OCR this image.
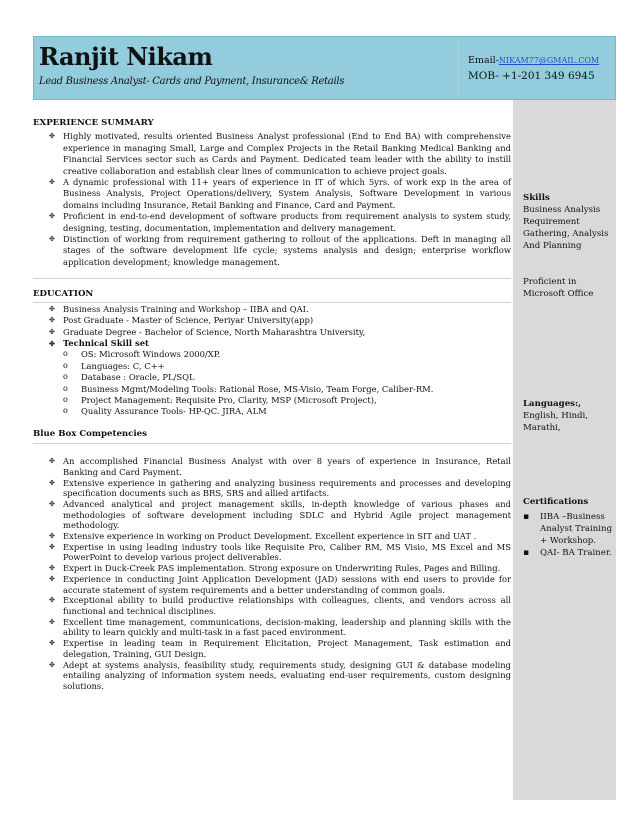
Ranjit Nikam
Lead Business Analyst- Cards and Payment, Insurance& Retails
Email-NIKAM77@GMAIL.COM
MOB- +1-201 349 6945
Skills
Business Analysis Requirement Gathering, Analysis And Planning
Proficient in Microsoft Office
Languages:,
English, Hindi, Marathi,
Certifications
▪ IIBA –Business Analyst Training + Workshop.
▪ QAI- BA Trainer.
EXPERIENCE SUMMARY
✤ Highly motivated, results oriented Business Analyst professional (End to End BA) with comprehensive experience in managing Small, Large and Complex Projects in the Retail Banking Medical Banking and Financial Services sector such as Cards and Payment. Dedicated team leader with the ability to instill creative collaboration and establish clear lines of communication to achieve project goals.
✤ A dynamic professional with 11+ years of experience in IT of which 5yrs. of work exp in the area of Business Analysis, Project Operations/delivery, System Analysis, Software Development in various domains including Insurance, Retail Banking and Finance, Card and Payment.
✤ Proficient in end-to-end development of software products from requirement analysis to system study, designing, testing, documentation, implementation and delivery management.
✤ Distinction of working from requirement gathering to rollout of the applications. Deft in managing all stages of the software development life cycle; systems analysis and design; enterprise workflow application development; knowledge management.
EDUCATION
✤ Business Analysis Training and Workshop – IIBA and QAI.
✤ Post Graduate - Master of Science, Periyar University(app)
✤ Graduate Degree - Bachelor of Science, North Maharashtra University,
✤ Technical Skill set
o OS: Microsoft Windows 2000/XP.
o Languages: C, C++
o Database : Oracle, PL/SQL
o Business Mgmt/Modeling Tools: Rational Rose, MS-Visio, Team Forge, Caliber-RM.
o Project Management: Requisite Pro, Clarity, MSP (Microsoft Project),
o Quality Assurance Tools- HP-QC. JIRA, ALM
Blue Box Competencies
✤ An accomplished Financial Business Analyst with over 8 years of experience in Insurance, Retail Banking and Card Payment.
✤ Extensive experience in gathering and analyzing business requirements and processes and developing specification documents such as BRS, SRS and allied artifacts.
✤ Advanced analytical and project management skills, in-depth knowledge of various phases and methodologies of software development including SDLC and Hybrid Agile project management methodology.
✤ Extensive experience in working on Product Development. Excellent experience in SIT and UAT .
✤ Expertise in using leading industry tools like Requisite Pro, Caliber RM, MS Visio, MS Excel and MS PowerPoint to develop various project deliverables.
✤ Expert in Duck-Creek PAS implementation. Strong exposure on Underwriting Rules, Pages and Billing.
✤ Experience in conducting Joint Application Development (JAD) sessions with end users to provide for accurate statement of system requirements and a better understanding of common goals.
✤ Exceptional ability to build productive relationships with colleagues, clients, and vendors across all functional and technical disciplines.
✤ Excellent time management, communications, decision-making, leadership and planning skills with the ability to learn quickly and multi-task in a fast paced environment.
✤ Expertise in leading team in Requirement Elicitation, Project Management, Task estimation and delegation, Training, GUI Design.
✤ Adept at systems analysis, feasibility study, requirements study, designing GUI & database modeling entailing analyzing of information system needs, evaluating end-user requirements, custom designing solutions.
